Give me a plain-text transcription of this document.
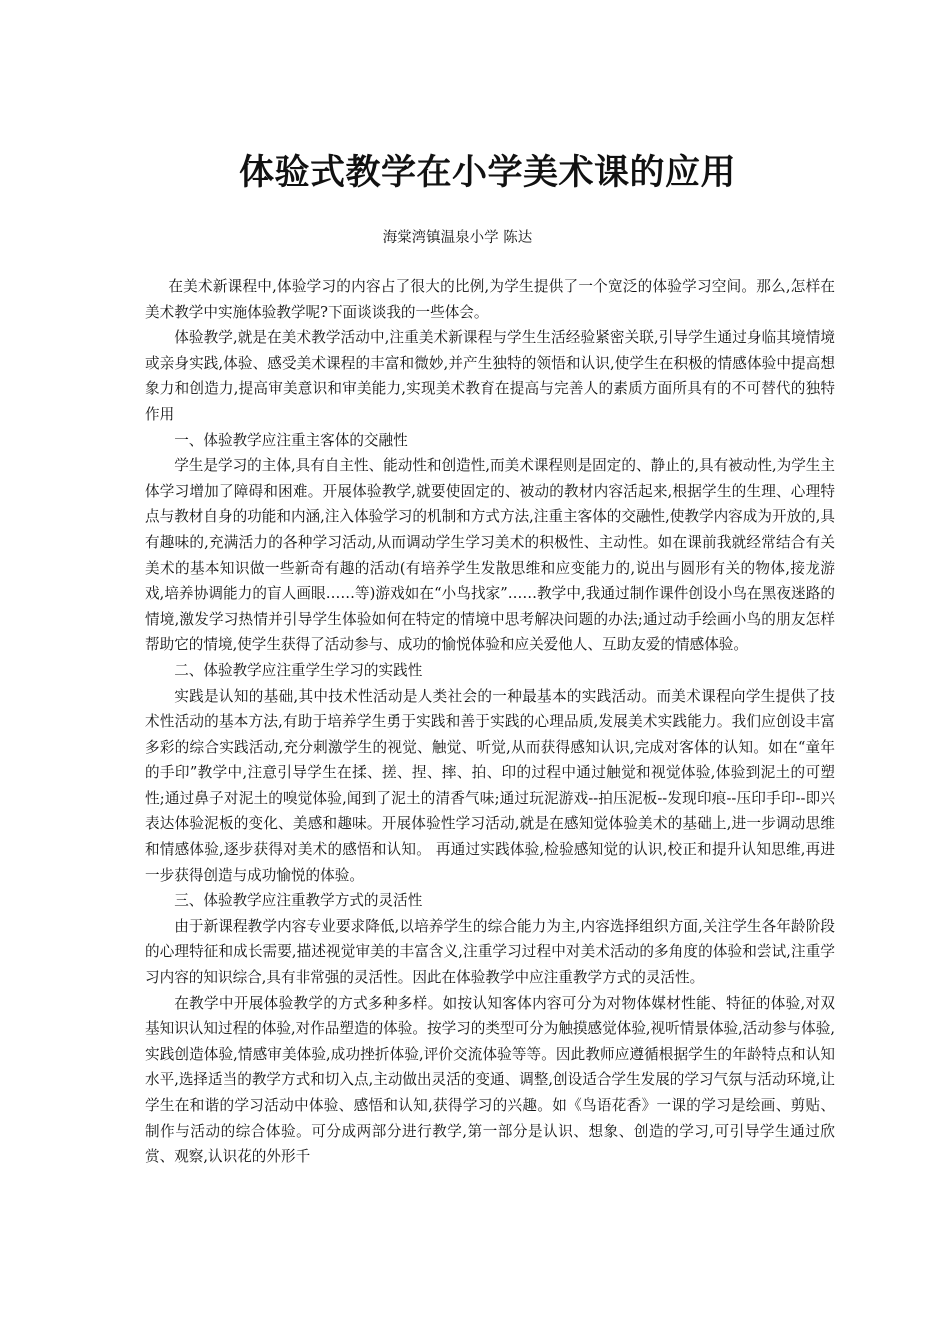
体验式教学在小学美术课的应用

海棠湾镇温泉小学 陈达

在美术新课程中,体验学习的内容占了很大的比例,为学生提供了一个宽泛的体验学习空间。那么,怎样在美术教学中实施体验教学呢?下面谈谈我的一些体会。

体验教学,就是在美术教学活动中,注重美术新课程与学生生活经验紧密关联,引导学生通过身临其境情境或亲身实践,体验、感受美术课程的丰富和微妙,并产生独特的领悟和认识,使学生在积极的情感体验中提高想象力和创造力,提高审美意识和审美能力,实现美术教育在提高与完善人的素质方面所具有的不可替代的独特作用

一、体验教学应注重主客体的交融性

学生是学习的主体,具有自主性、能动性和创造性,而美术课程则是固定的、静止的,具有被动性,为学生主体学习增加了障碍和困难。开展体验教学,就要使固定的、被动的教材内容活起来,根据学生的生理、心理特点与教材自身的功能和内涵,注入体验学习的机制和方式方法,注重主客体的交融性,使教学内容成为开放的,具有趣味的,充满活力的各种学习活动,从而调动学生学习美术的积极性、主动性。如在课前我就经常结合有关美术的基本知识做一些新奇有趣的活动(有培养学生发散思维和应变能力的,说出与圆形有关的物体,接龙游戏,培养协调能力的盲人画眼……等)游戏如在“小鸟找家”……教学中,我通过制作课件创设小鸟在黑夜迷路的情境,激发学习热情并引导学生体验如何在特定的情境中思考解决问题的办法;通过动手绘画小鸟的朋友怎样帮助它的情境,使学生获得了活动参与、成功的愉悦体验和应关爱他人、互助友爱的情感体验。

二、体验教学应注重学生学习的实践性

实践是认知的基础,其中技术性活动是人类社会的一种最基本的实践活动。而美术课程向学生提供了技术性活动的基本方法,有助于培养学生勇于实践和善于实践的心理品质,发展美术实践能力。我们应创设丰富多彩的综合实践活动,充分刺激学生的视觉、触觉、听觉,从而获得感知认识,完成对客体的认知。如在“童年的手印”教学中,注意引导学生在揉、搓、捏、摔、拍、印的过程中通过触觉和视觉体验,体验到泥土的可塑性;通过鼻子对泥土的嗅觉体验,闻到了泥土的清香气味;通过玩泥游戏--拍压泥板--发现印痕--压印手印--即兴表达体验泥板的变化、美感和趣味。开展体验性学习活动,就是在感知觉体验美术的基础上,进一步调动思维和情感体验,逐步获得对美术的感悟和认知。 再通过实践体验,检验感知觉的认识,校正和提升认知思维,再进一步获得创造与成功愉悦的体验。

三、体验教学应注重教学方式的灵活性

由于新课程教学内容专业要求降低,以培养学生的综合能力为主,内容选择组织方面,关注学生各年龄阶段的心理特征和成长需要,描述视觉审美的丰富含义,注重学习过程中对美术活动的多角度的体验和尝试,注重学习内容的知识综合,具有非常强的灵活性。因此在体验教学中应注重教学方式的灵活性。

在教学中开展体验教学的方式多种多样。如按认知客体内容可分为对物体媒材性能、特征的体验,对双基知识认知过程的体验,对作品塑造的体验。按学习的类型可分为触摸感觉体验,视听情景体验,活动参与体验,实践创造体验,情感审美体验,成功挫折体验,评价交流体验等等。因此教师应遵循根据学生的年龄特点和认知水平,选择适当的教学方式和切入点,主动做出灵活的变通、调整,创设适合学生发展的学习气氛与活动环境,让学生在和谐的学习活动中体验、感悟和认知,获得学习的兴趣。如《鸟语花香》一课的学习是绘画、剪贴、制作与活动的综合体验。可分成两部分进行教学,第一部分是认识、想象、创造的学习,可引导学生通过欣赏、观察,认识花的外形千
